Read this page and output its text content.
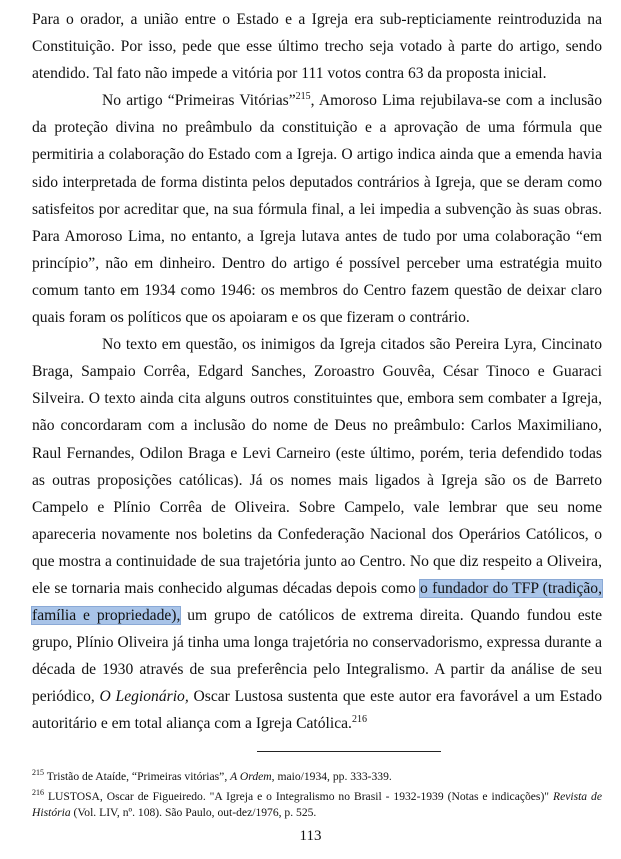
Para o orador, a união entre o Estado e a Igreja era sub-repticiamente reintroduzida na Constituição. Por isso, pede que esse último trecho seja votado à parte do artigo, sendo atendido. Tal fato não impede a vitória por 111 votos contra 63 da proposta inicial.

No artigo “Primeiras Vitórias”$^{215}$, Amoroso Lima rejubilava-se com a inclusão da proteção divina no preâmbulo da constituição e a aprovação de uma fórmula que permitiria a colaboração do Estado com a Igreja. O artigo indica ainda que a emenda havia sido interpretada de forma distinta pelos deputados contrários à Igreja, que se deram como satisfeitos por acreditar que, na sua fórmula final, a lei impedia a subvenção às suas obras. Para Amoroso Lima, no entanto, a Igreja lutava antes de tudo por uma colaboração “em princípio”, não em dinheiro. Dentro do artigo é possível perceber uma estratégia muito comum tanto em 1934 como 1946: os membros do Centro fazem questão de deixar claro quais foram os políticos que os apoiaram e os que fizeram o contrário.

No texto em questão, os inimigos da Igreja citados são Pereira Lyra, Cincinato Braga, Sampaio Corrêa, Edgard Sanches, Zoroastro Gouvêa, César Tinoco e Guaraci Silveira. O texto ainda cita alguns outros constituintes que, embora sem combater a Igreja, não concordaram com a inclusão do nome de Deus no preâmbulo: Carlos Maximiliano, Raul Fernandes, Odilon Braga e Levi Carneiro (este último, porém, teria defendido todas as outras proposições católicas). Já os nomes mais ligados à Igreja são os de Barreto Campelo e Plínio Corrêa de Oliveira. Sobre Campelo, vale lembrar que seu nome apareceria novamente nos boletins da Confederação Nacional dos Operários Católicos, o que mostra a continuidade de sua trajetória junto ao Centro. No que diz respeito a Oliveira, ele se tornaria mais conhecido algumas décadas depois como o fundador do TFP (tradição, família e propriedade), um grupo de católicos de extrema direita. Quando fundou este grupo, Plínio Oliveira já tinha uma longa trajetória no conservadorismo, expressa durante a década de 1930 através de sua preferência pelo Integralismo. A partir da análise de seu periódico, O Legionário, Oscar Lustosa sustenta que este autor era favorável a um Estado autoritário e em total aliança com a Igreja Católica.$^{216}$

$^{215}$ Tristão de Ataíde, “Primeiras vitórias”, A Ordem, maio/1934, pp. 333-339.

$^{216}$ LUSTOSA, Oscar de Figueiredo. "A Igreja e o Integralismo no Brasil - 1932-1939 (Notas e indicações)" Revista de História (Vol. LIV, nº. 108). São Paulo, out-dez/1976, p. 525.

113
